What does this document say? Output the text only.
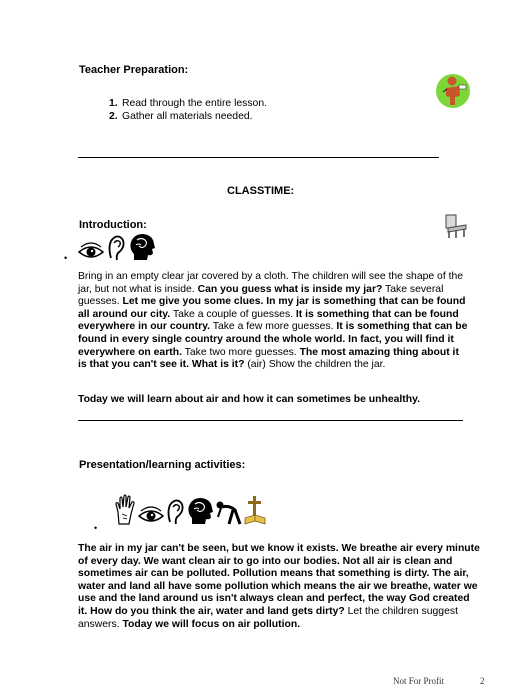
Teacher Preparation:
1. Read through the entire lesson.
2. Gather all materials needed.
CLASSTIME:
Introduction:
•
Bring in an empty clear jar covered by a cloth. The children will see the shape of the jar, but not what is inside. Can you guess what is inside my jar? Take several guesses. Let me give you some clues. In my jar is something that can be found all around our city. Take a couple of guesses. It is something that can be found everywhere in our country. Take a few more guesses. It is something that can be found in every single country around the whole world. In fact, you will find it everywhere on earth. Take two more guesses. The most amazing thing about it is that you can't see it. What is it? (air) Show the children the jar.
Today we will learn about air and how it can sometimes be unhealthy.
Presentation/learning activities:
•
The air in my jar can't be seen, but we know it exists. We breathe air every minute of every day. We want clean air to go into our bodies. Not all air is clean and sometimes air can be polluted. Pollution means that something is dirty. The air, water and land all have some pollution which means the air we breathe, water we use and the land around us isn't always clean and perfect, the way God created it. How do you think the air, water and land gets dirty? Let the children suggest answers. Today we will focus on air pollution.
Not For Profit	2
